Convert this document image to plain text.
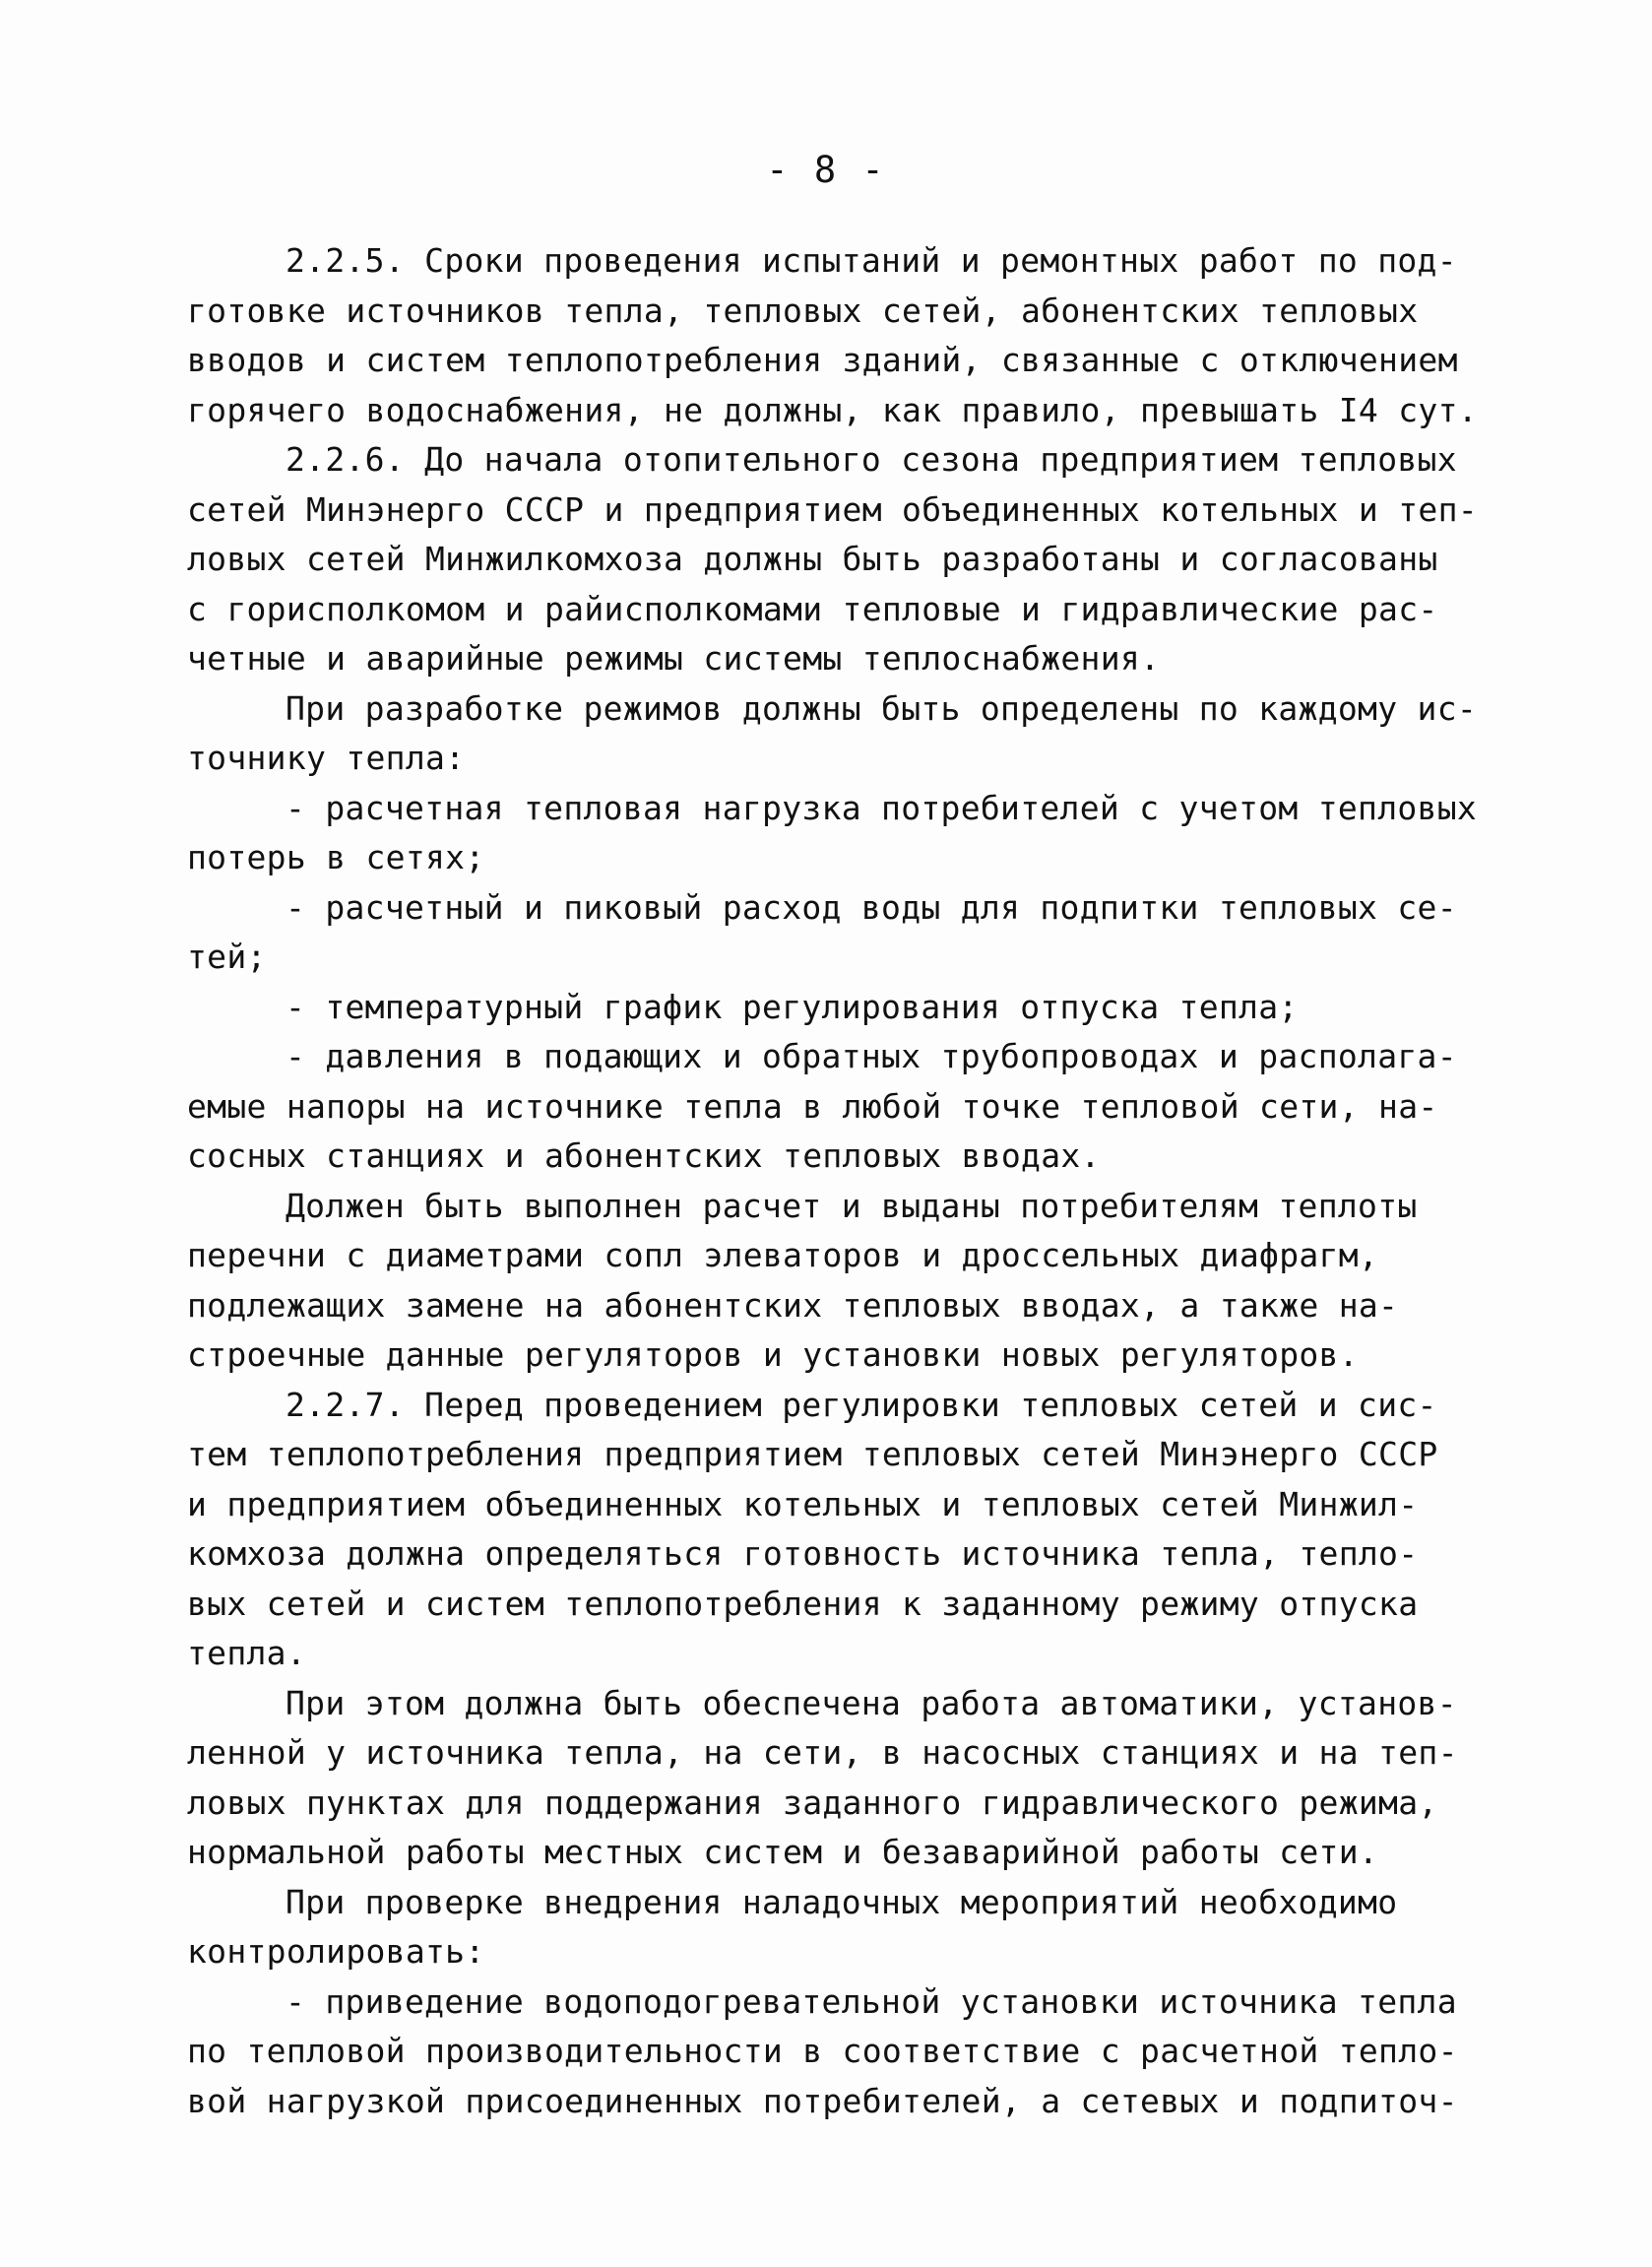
- 8 -
2.2.5. Сроки проведения испытаний и ремонтных работ по под-
готовке источников тепла, тепловых сетей, абонентских тепловых
вводов и систем теплопотребления зданий, связанные с отключением
горячего водоснабжения, не должны, как правило, превышать I4 сут.
2.2.6. До начала отопительного сезона предприятием тепловых
сетей Минэнерго СССР и предприятием объединенных котельных и теп-
ловых сетей Минжилкомхоза должны быть разработаны и согласованы
с горисполкомом и райисполкомами тепловые и гидравлические рас-
четные и аварийные режимы системы теплоснабжения.
При разработке режимов должны быть определены по каждому ис-
точнику тепла:
- расчетная тепловая нагрузка потребителей с учетом тепловых
потерь в сетях;
- расчетный и пиковый расход воды для подпитки тепловых се-
тей;
- температурный график регулирования отпуска тепла;
- давления в подающих и обратных трубопроводах и располага-
емые напоры на источнике тепла в любой точке тепловой сети, на-
сосных станциях и абонентских тепловых вводах.
Должен быть выполнен расчет и выданы потребителям теплоты
перечни с диаметрами сопл элеваторов и дроссельных диафрагм,
подлежащих замене на абонентских тепловых вводах, а также на-
строечные данные регуляторов и установки новых регуляторов.
2.2.7. Перед проведением регулировки тепловых сетей и сис-
тем теплопотребления предприятием тепловых сетей Минэнерго СССР
и предприятием объединенных котельных и тепловых сетей Минжил-
комхоза должна определяться готовность источника тепла, тепло-
вых сетей и систем теплопотребления к заданному режиму отпуска
тепла.
При этом должна быть обеспечена работа автоматики, установ-
ленной у источника тепла, на сети, в насосных станциях и на теп-
ловых пунктах для поддержания заданного гидравлического режима,
нормальной работы местных систем и безаварийной работы сети.
При проверке внедрения наладочных мероприятий необходимо
контролировать:
- приведение водоподогревательной установки источника тепла
по тепловой производительности в соответствие с расчетной тепло-
вой нагрузкой присоединенных потребителей, а сетевых и подпиточ-
